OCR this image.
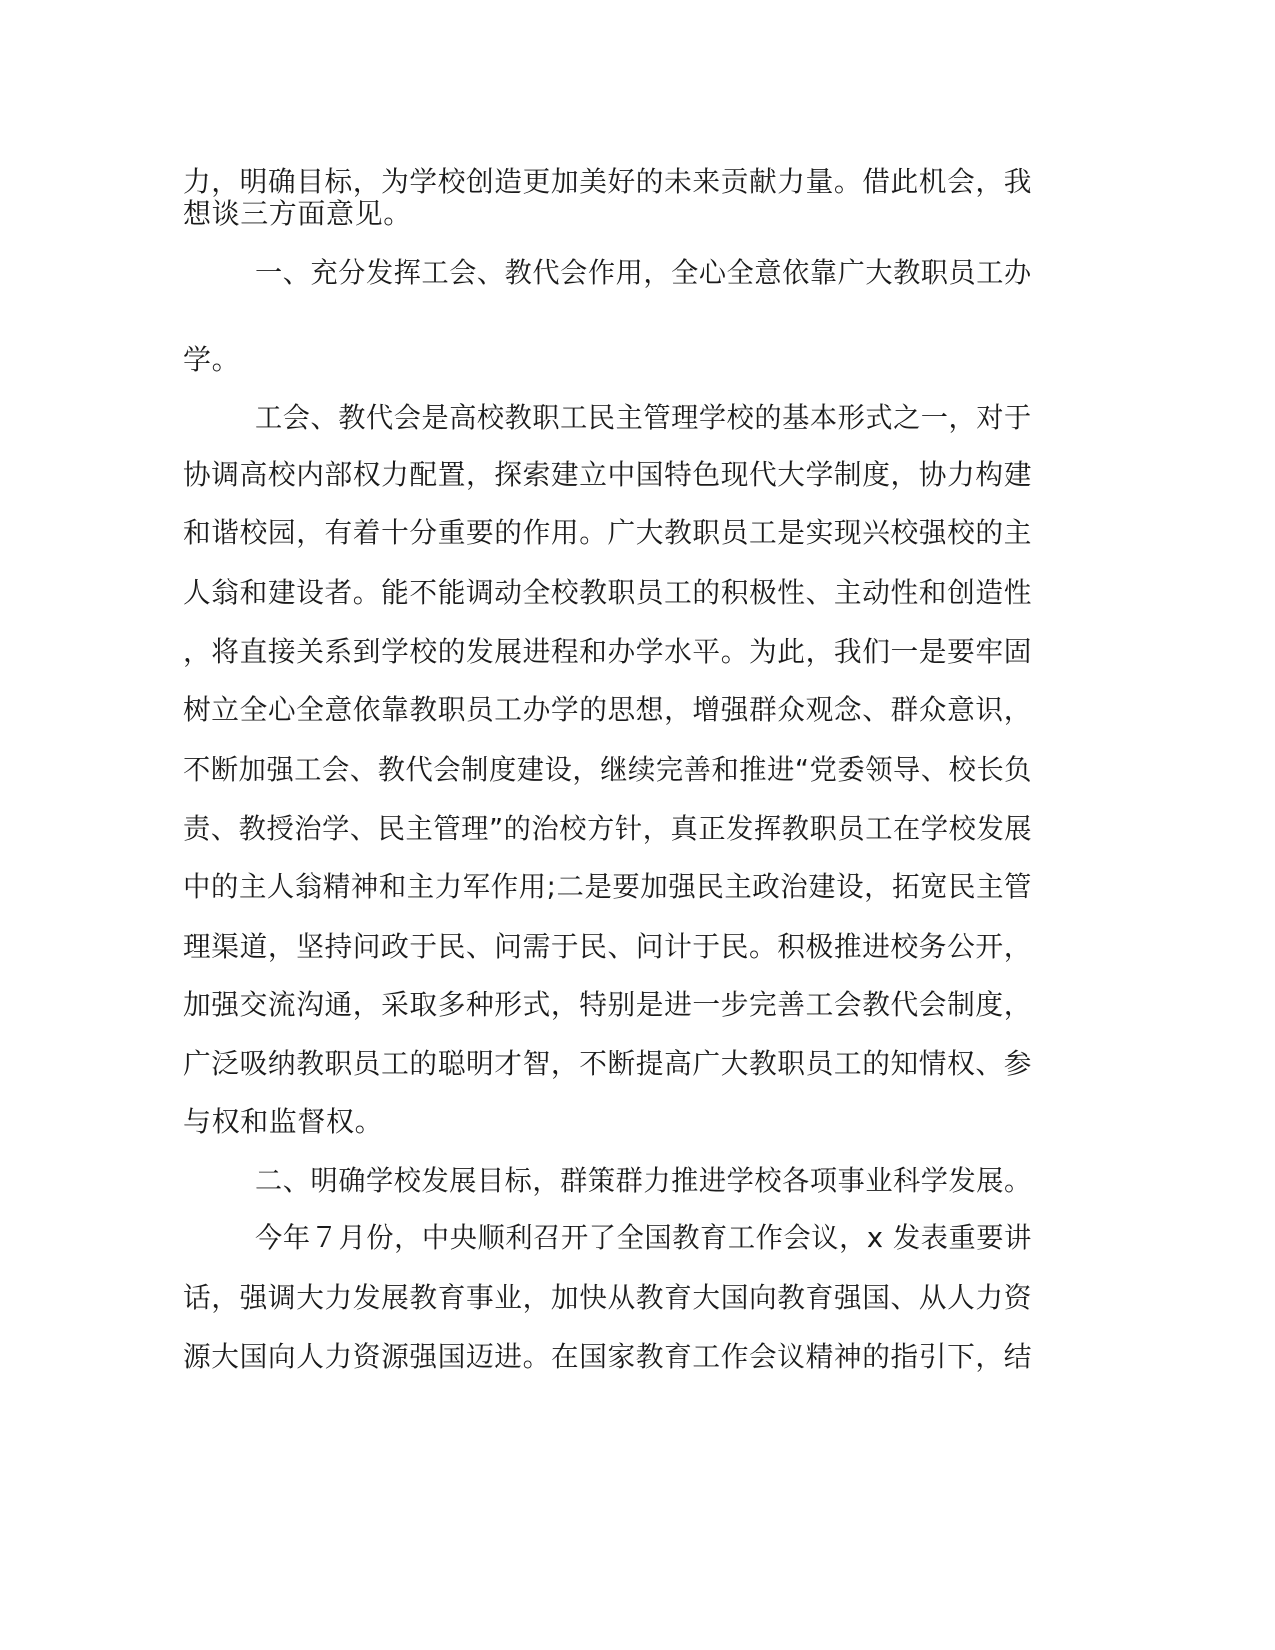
力，明确目标，为学校创造更加美好的未来贡献力量。借此机会，我
想谈三方面意见。
一、充分发挥工会、教代会作用，全心全意依靠广大教职员工办
学。
工会、教代会是高校教职工民主管理学校的基本形式之一，对于
协调高校内部权力配置，探索建立中国特色现代大学制度，协力构建
和谐校园，有着十分重要的作用。广大教职员工是实现兴校强校的主
人翁和建设者。能不能调动全校教职员工的积极性、主动性和创造性
，将直接关系到学校的发展进程和办学水平。为此，我们一是要牢固
树立全心全意依靠教职员工办学的思想，增强群众观念、群众意识，
不断加强工会、教代会制度建设，继续完善和推进“党委领导、校长负
责、教授治学、民主管理”的治校方针，真正发挥教职员工在学校发展
中的主人翁精神和主力军作用;二是要加强民主政治建设，拓宽民主管
理渠道，坚持问政于民、问需于民、问计于民。积极推进校务公开，
加强交流沟通，采取多种形式，特别是进一步完善工会教代会制度，
广泛吸纳教职员工的聪明才智，不断提高广大教职员工的知情权、参
与权和监督权。
二、明确学校发展目标，群策群力推进学校各项事业科学发展。
今年７月份，中央顺利召开了全国教育工作会议，x 发表重要讲
话，强调大力发展教育事业，加快从教育大国向教育强国、从人力资
源大国向人力资源强国迈进。在国家教育工作会议精神的指引下，结
